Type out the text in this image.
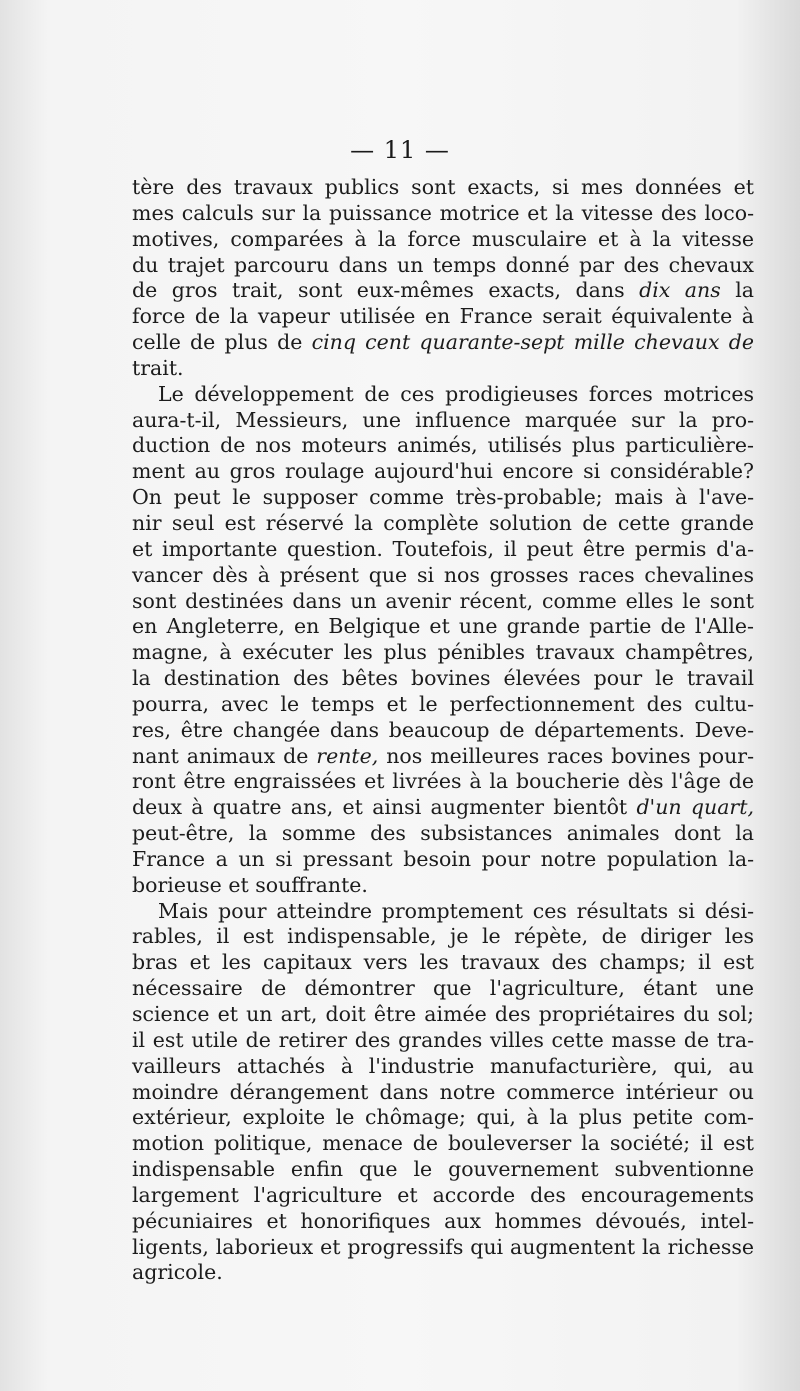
— 11 —
tère des travaux publics sont exacts, si mes données et
mes calculs sur la puissance motrice et la vitesse des loco-
motives, comparées à la force musculaire et à la vitesse
du trajet parcouru dans un temps donné par des chevaux
de gros trait, sont eux-mêmes exacts, dans dix ans la
force de la vapeur utilisée en France serait équivalente à
celle de plus de cinq cent quarante-sept mille chevaux de
trait.
Le développement de ces prodigieuses forces motrices
aura-t-il, Messieurs, une influence marquée sur la pro-
duction de nos moteurs animés, utilisés plus particulière-
ment au gros roulage aujourd'hui encore si considérable?
On peut le supposer comme très-probable; mais à l'ave-
nir seul est réservé la complète solution de cette grande
et importante question. Toutefois, il peut être permis d'a-
vancer dès à présent que si nos grosses races chevalines
sont destinées dans un avenir récent, comme elles le sont
en Angleterre, en Belgique et une grande partie de l'Alle-
magne, à exécuter les plus pénibles travaux champêtres,
la destination des bêtes bovines élevées pour le travail
pourra, avec le temps et le perfectionnement des cultu-
res, être changée dans beaucoup de départements. Deve-
nant animaux de rente, nos meilleures races bovines pour-
ront être engraissées et livrées à la boucherie dès l'âge de
deux à quatre ans, et ainsi augmenter bientôt d'un quart,
peut-être, la somme des subsistances animales dont la
France a un si pressant besoin pour notre population la-
borieuse et souffrante.
Mais pour atteindre promptement ces résultats si dési-
rables, il est indispensable, je le répète, de diriger les
bras et les capitaux vers les travaux des champs; il est
nécessaire de démontrer que l'agriculture, étant une
science et un art, doit être aimée des propriétaires du sol;
il est utile de retirer des grandes villes cette masse de tra-
vailleurs attachés à l'industrie manufacturière, qui, au
moindre dérangement dans notre commerce intérieur ou
extérieur, exploite le chômage; qui, à la plus petite com-
motion politique, menace de bouleverser la société; il est
indispensable enfin que le gouvernement subventionne
largement l'agriculture et accorde des encouragements
pécuniaires et honorifiques aux hommes dévoués, intel-
ligents, laborieux et progressifs qui augmentent la richesse
agricole.
